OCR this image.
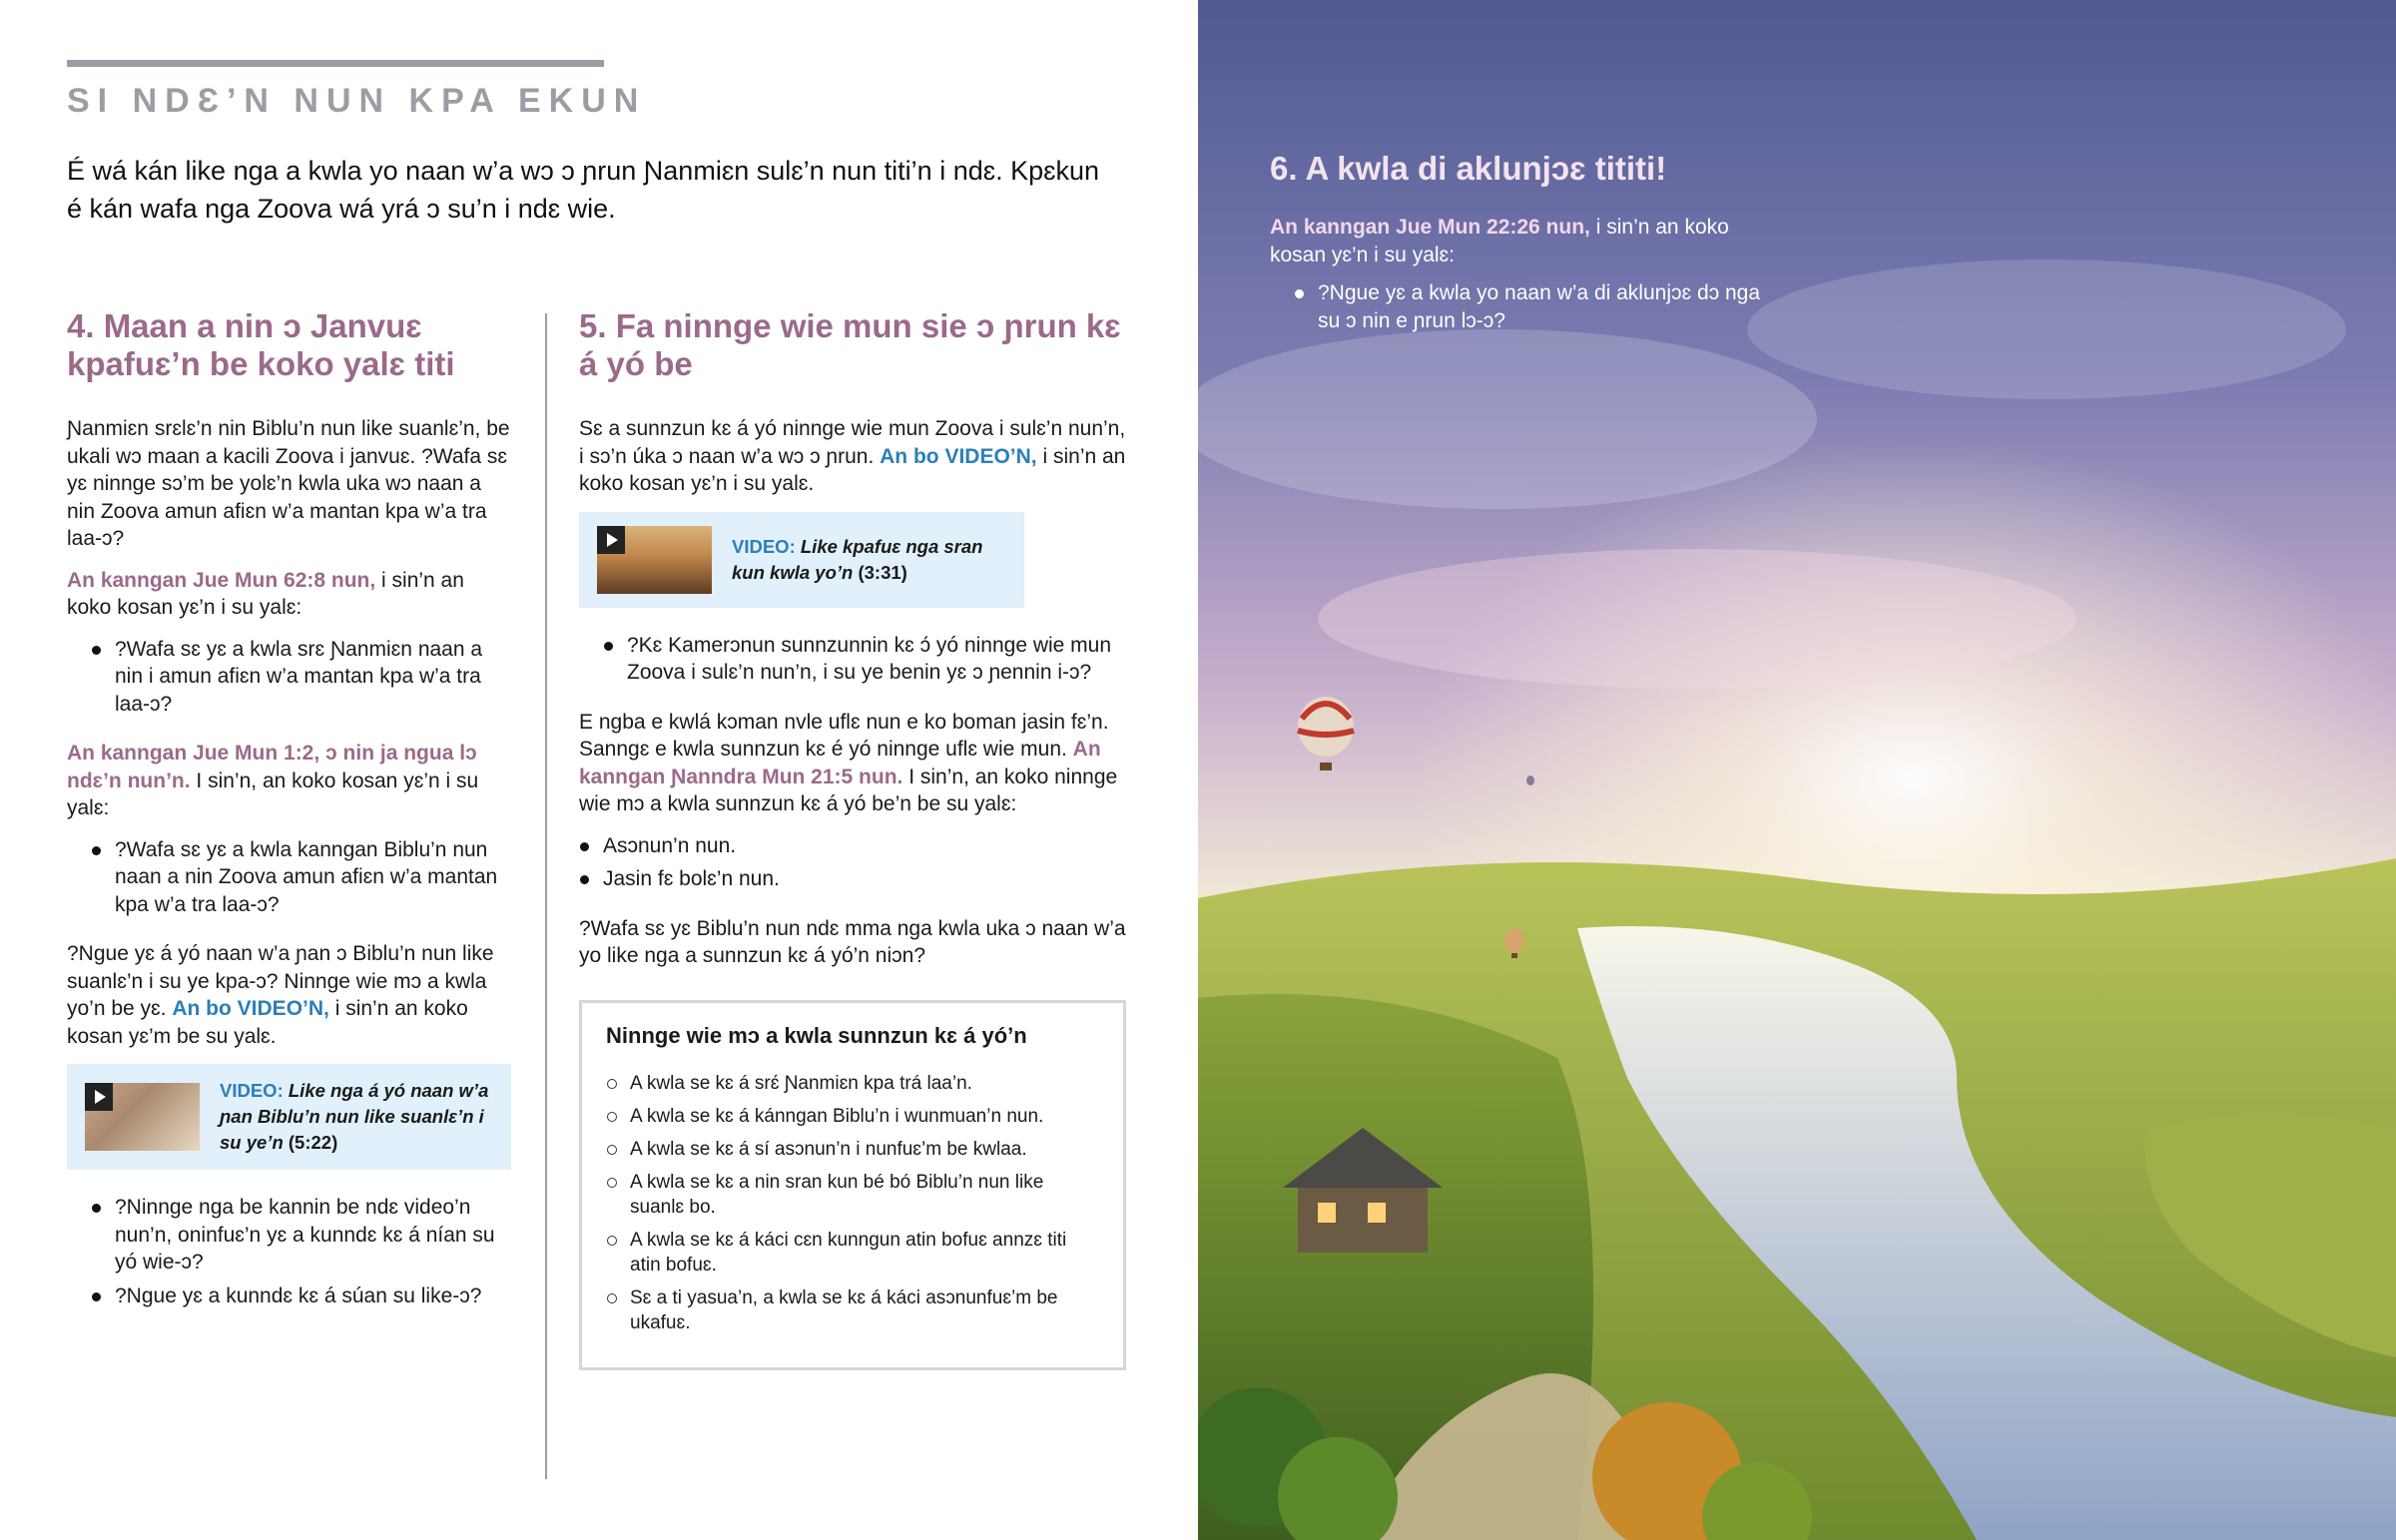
SI NDƐ’N NUN KPA EKUN
É wá kán like nga a kwla yo naan w’a wɔ ɔ ɲrun Ɲanmiɛn sulɛ’n nun titi’n i ndɛ. Kpɛkun é kán wafa nga Zoova wá yrá ɔ su’n i ndɛ wie.
4. Maan a nin ɔ Janvuɛ kpafuɛ’n be koko yalɛ titi

Ɲanmiɛn srɛlɛ’n nin Biblu’n nun like suanlɛ’n, be ukali wɔ maan a kacili Zoova i janvuɛ. ?Wafa sɛ yɛ ninnge sɔ’m be yolɛ’n kwla uka wɔ naan a nin Zoova amun afiɛn w’a mantan kpa w’a tra laa-ɔ?

An kanngan Jue Mun 62:8 nun, i sin’n an koko kosan yɛ’n i su yalɛ:

?Wafa sɛ yɛ a kwla srɛ Ɲanmiɛn naan a nin i amun afiɛn w’a mantan kpa w’a tra laa-ɔ?

An kanngan Jue Mun 1:2, ɔ nin ja ngua lɔ ndɛ’n nun’n. I sin’n, an koko kosan yɛ’n i su yalɛ:

?Wafa sɛ yɛ a kwla kanngan Biblu’n nun naan a nin Zoova amun afiɛn w’a mantan kpa w’a tra laa-ɔ?

?Ngue yɛ á yó naan w’a ɲan ɔ Biblu’n nun like suanlɛ’n i su ye kpa-ɔ? Ninnge wie mɔ a kwla yo’n be yɛ. An bo VIDEO’N, i sin’n an koko kosan yɛ’m be su yalɛ.

VIDEO: Like nga á yó naan w’a ɲan Biblu’n nun like suanlɛ’n i su ye’n (5:22)
?Ninnge nga be kannin be ndɛ video’n nun’n, oninfuɛ’n yɛ a kunndɛ kɛ á nían su yó wie-ɔ?
?Ngue yɛ a kunndɛ kɛ á súan su like-ɔ?
5. Fa ninnge wie mun sie ɔ ɲrun kɛ á yó be

Sɛ a sunnzun kɛ á yó ninnge wie mun Zoova i sulɛ’n nun’n, i sɔ’n úka ɔ naan w’a wɔ ɔ ɲrun. An bo VIDEO’N, i sin’n an koko kosan yɛ’n i su yalɛ.

VIDEO: Like kpafuɛ nga sran kun kwla yo’n (3:31)
?Kɛ Kamerɔnun sunnzunnin kɛ ɔ́ yó ninnge wie mun Zoova i sulɛ’n nun’n, i su ye benin yɛ ɔ ɲennin i-ɔ?

E ngba e kwlá kɔman nvle uflɛ nun e ko boman jasin fɛ’n. Sanngɛ e kwla sunnzun kɛ é yó ninnge uflɛ wie mun. An kanngan Ɲanndra Mun 21:5 nun. I sin’n, an koko ninnge wie mɔ a kwla sunnzun kɛ á yó be’n be su yalɛ:

Asɔnun’n nun.
Jasin fɛ bolɛ’n nun.

?Wafa sɛ yɛ Biblu’n nun ndɛ mma nga kwla uka ɔ naan w’a yo like nga a sunnzun kɛ á yó’n niɔn?

Ninnge wie mɔ a kwla sunnzun kɛ á yó’n
A kwla se kɛ á srɛ́ Ɲanmiɛn kpa trá laa’n.
A kwla se kɛ á kánngan Biblu’n i wunmuan’n nun.
A kwla se kɛ á sí asɔnun’n i nunfuɛ’m be kwlaa.
A kwla se kɛ a nin sran kun bé bó Biblu’n nun like suanlɛ bo.
A kwla se kɛ á káci cɛn kunngun atin bofuɛ annzɛ titi atin bofuɛ.
Sɛ a ti yasua’n, a kwla se kɛ á káci asɔnunfuɛ’m be ukafuɛ.
6. A kwla di aklunjɔɛ tititi!

An kanngan Jue Mun 22:26 nun, i sin’n an koko kosan yɛ’n i su yalɛ:

?Ngue yɛ a kwla yo naan w’a di aklunjɔɛ dɔ nga su ɔ nin e ɲrun lɔ-ɔ?
